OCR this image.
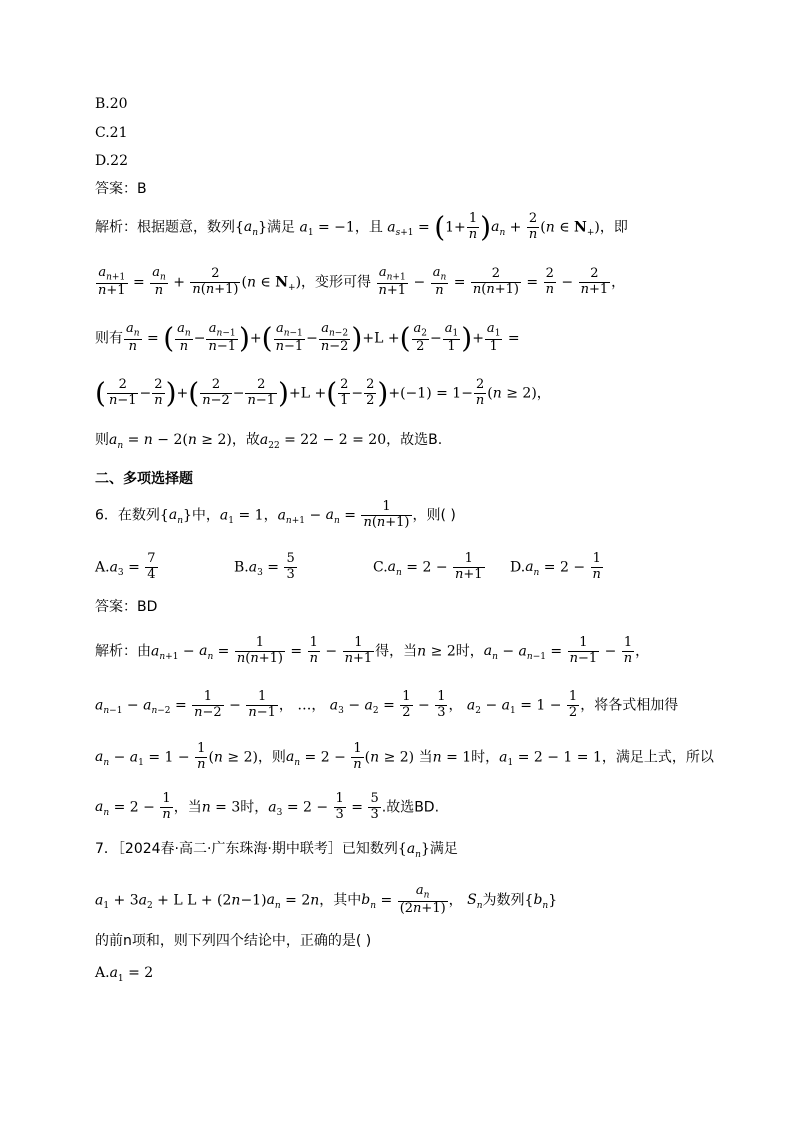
B.20
C.21
D.22
答案：B
解析：根据题意，数列$\{a_n\}$满足 $a_1 = -1$，且 $a_{s+1} = (1+ \frac{1}{n} )a_n + \frac{2}{n} (n$ ∈ $N_+$)，即
$\frac{a_{n+1}}{n+1} = \frac{a_n}{n} + \frac{2}{n(n+1)} (n$ ∈ $N_+$)，变形可得 $\frac{a_{n+1}}{n+1} - \frac{a_n}{n} = \frac{2}{n(n+1)} = \frac{2}{n} - \frac{2}{n+1}$ ，
则有 $\frac{a_n}{n}$ = ( $\frac{a_n}{n} - \frac{a_{n-1}}{n-1}$ )+( $\frac{a_{n-1}}{n-1} - \frac{a_{n-2}}{n-2} )+L$ +( $\frac{a_2}{2} - \frac{a_1}{1}$ )+ $\frac{a_1}{1}$ =
( $\frac{2}{n-1} - \frac{2}{n}$ )+( $\frac{2}{n-2} - \frac{2}{n-1} )+L$ +( $\frac{2}{1} - \frac{2}{2} )+(-1) = 1- \frac{2}{n} (n \ge 2)$，
则$a_n = n - 2(n \ge 2)$，故$a_{22} = 22 - 2 = 20$，故选B.
二、多项选择题
6．在数列$\{a_n\}$中，$a_1 = 1$，$a_{n+1} - a_n = \frac{1}{n(n+1)}$ ，则( )
$A.a_3 = \frac{7}{4}$	$B.a_3 = \frac{5}{3}$	$C.a_n = 2 - \frac{1}{n+1} D.a_n = 2 - \frac{1}{n}$
答案：BD
解析：由$a_{n+1} - a_n = \frac{1}{n(n+1)} = \frac{1}{n} - \frac{1}{n+1}$ 得，当n ≥ 2时，$a_n - a_{n-1} = \frac{1}{n-1} - \frac{1}{n}$ ，
$a_{n-1} - a_{n-2} = \frac{1}{n-2} - \frac{1}{n-1}$ ， …， $a_3 - a_2 = \frac{1}{2} - \frac{1}{3}$ ， $a_2 - a_1 = 1 - \frac{1}{2}$ ，将各式相加得
$a_n - a_1 = 1 - \frac{1}{n} (n \ge 2)$，则$a_n = 2 - \frac{1}{n} (n \ge 2)$ 当n = 1时，$a_1 = 2 - 1 = 1$，满足上式，所以
$a_n = 2 - \frac{1}{n}$ ，当n = 3时，$a_3 = 2 - \frac{1}{3} = \frac{5}{3}$ .故选BD.
7．［2024春·高二·广东珠海·期中联考］已知数列$\{a_n\}$满足
$a_1 + 3a_2 + L$ $L + (2n-1)a_n = 2n$，其中$b_n = \frac{a_n}{(2n+1)}$ ， $S_n$为数列$\{b_n\}$
的前n项和，则下列四个结论中，正确的是( )
$A.a_1 = 2$
